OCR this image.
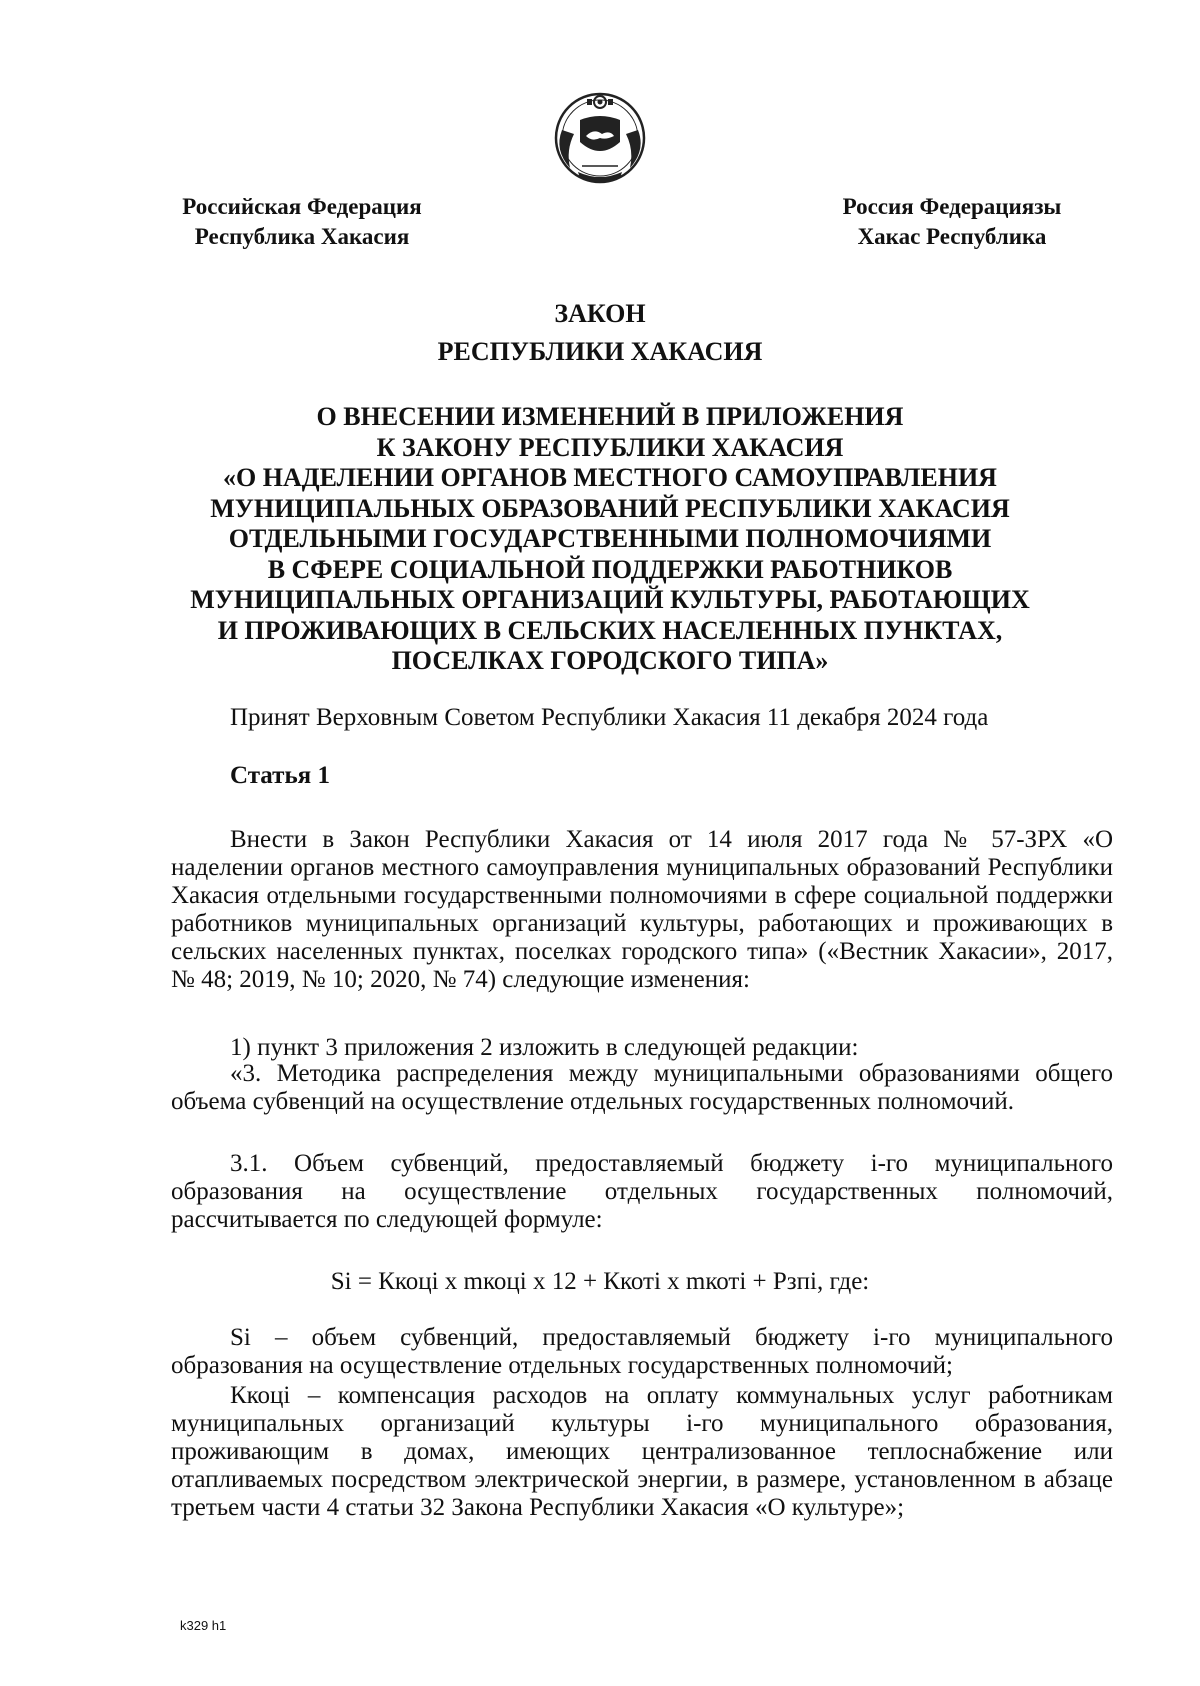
Российская Федерация
Республика Хакасия
Россия Федерациязы
Хакас Республика
ЗАКОН
РЕСПУБЛИКИ ХАКАСИЯ
О ВНЕСЕНИИ ИЗМЕНЕНИЙ В ПРИЛОЖЕНИЯ
К ЗАКОНУ РЕСПУБЛИКИ ХАКАСИЯ
«О НАДЕЛЕНИИ ОРГАНОВ МЕСТНОГО САМОУПРАВЛЕНИЯ
МУНИЦИПАЛЬНЫХ ОБРАЗОВАНИЙ РЕСПУБЛИКИ ХАКАСИЯ
ОТДЕЛЬНЫМИ ГОСУДАРСТВЕННЫМИ ПОЛНОМОЧИЯМИ
В СФЕРЕ СОЦИАЛЬНОЙ ПОДДЕРЖКИ РАБОТНИКОВ
МУНИЦИПАЛЬНЫХ ОРГАНИЗАЦИЙ КУЛЬТУРЫ, РАБОТАЮЩИХ
И ПРОЖИВАЮЩИХ В СЕЛЬСКИХ НАСЕЛЕННЫХ ПУНКТАХ,
ПОСЕЛКАХ ГОРОДСКОГО ТИПА»
Принят Верховным Советом Республики Хакасия 11 декабря 2024 года
Статья 1

Внести в Закон Республики Хакасия от 14 июля 2017 года № 57-ЗРХ «О наделении органов местного самоуправления муниципальных образований Республики Хакасия отдельными государственными полномочиями в сфере социальной поддержки работников муниципальных организаций культуры, работающих и проживающих в сельских населенных пунктах, поселках городского типа» («Вестник Хакасии», 2017, № 48; 2019, № 10; 2020, № 74) следующие изменения:

1) пункт 3 приложения 2 изложить в следующей редакции:

«3. Методика распределения между муниципальными образованиями общего объема субвенций на осуществление отдельных государственных полномочий.

3.1. Объем субвенций, предоставляемый бюджету i-го муниципального образования на осуществление отдельных государственных полномочий, рассчитывается по следующей формуле:

Si = Ккоцi x mкоцi x 12 + Ккотi x mкотi + Рзпi, где:

Si – объем субвенций, предоставляемый бюджету i-го муниципального образования на осуществление отдельных государственных полномочий;

Ккоцi – компенсация расходов на оплату коммунальных услуг работникам муниципальных организаций культуры i-го муниципального образования, проживающим в домах, имеющих централизованное теплоснабжение или отапливаемых посредством электрической энергии, в размере, установленном в абзаце третьем части 4 статьи 32 Закона Республики Хакасия «О культуре»;

k329 h1
